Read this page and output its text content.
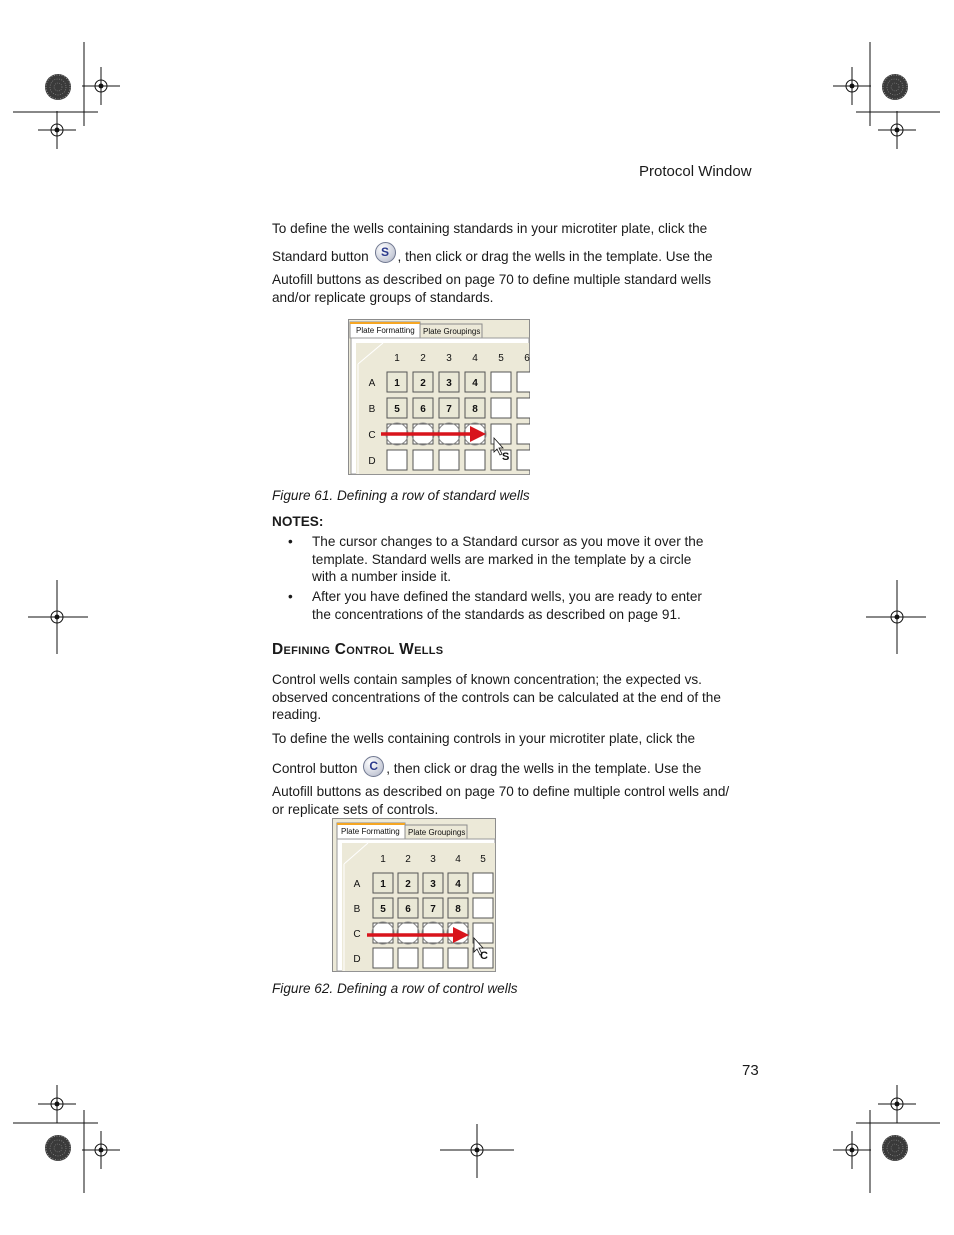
Protocol Window
To define the wells containing standards in your microtiter plate, click the

Standard button S , then click or drag the wells in the template. Use the

Autofill buttons as described on page 70 to define multiple standard wells

and/or replicate groups of standards.

Plate Formatting Plate Groupings
1 2 3 4 5 6
A
B
C
D
1 2 3 4
5 6 7 8
S
Figure 61. Defining a row of standard wells
NOTES:
• The cursor changes to a Standard cursor as you move it over the
template. Standard wells are marked in the template by a circle
with a number inside it.
• After you have defined the standard wells, you are ready to enter
the concentrations of the standards as described on page 91.
Defining Control Wells

Control wells contain samples of known concentration; the expected vs.

observed concentrations of the controls can be calculated at the end of the

reading.

To define the wells containing controls in your microtiter plate, click the

Control button C , then click or drag the wells in the template. Use the

Autofill buttons as described on page 70 to define multiple control wells and/

or replicate sets of controls.

Plate Formatting Plate Groupings
1 2 3 4 5
A
B
C
D
1 2 3 4
5 6 7 8
C
Figure 62. Defining a row of control wells
73
